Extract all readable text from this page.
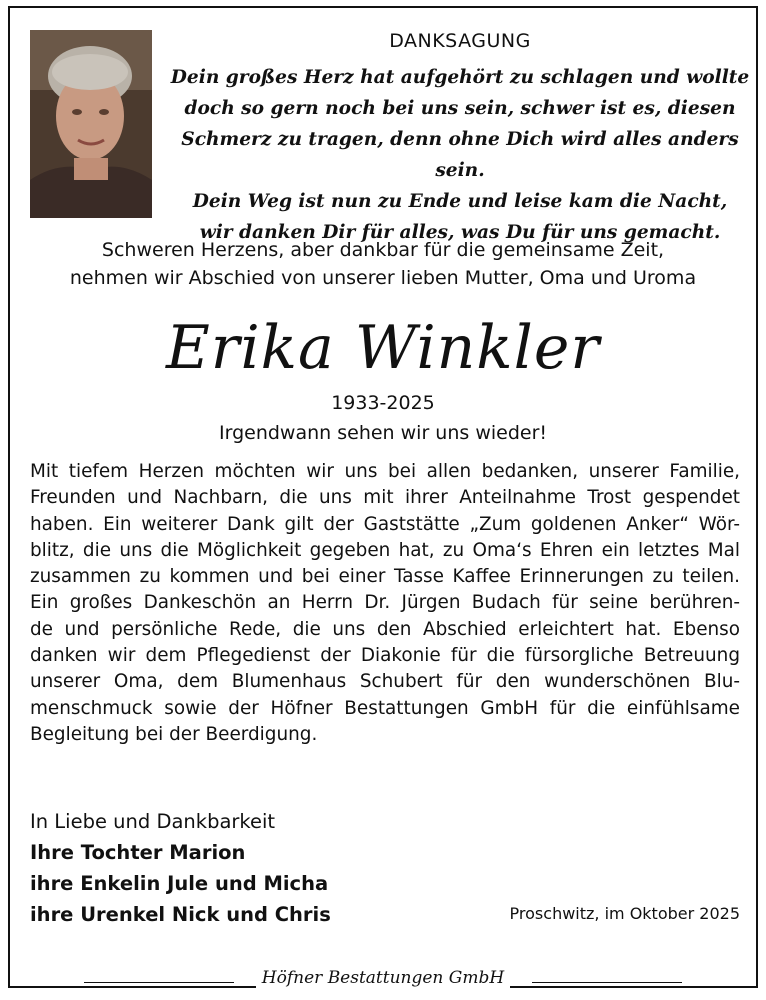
DANKSAGUNG
Dein großes Herz hat aufgehört zu schlagen und wollte
doch so gern noch bei uns sein, schwer ist es, diesen
Schmerz zu tragen, denn ohne Dich wird alles anders sein.
Dein Weg ist nun zu Ende und leise kam die Nacht,
wir danken Dir für alles, was Du für uns gemacht.
Schweren Herzens, aber dankbar für die gemeinsame Zeit,
nehmen wir Abschied von unserer lieben Mutter, Oma und Uroma
Erika Winkler
1933-2025
Irgendwann sehen wir uns wieder!

Mit tiefem Herzen möchten wir uns bei allen bedanken, unserer Familie,

Freunden und Nachbarn, die uns mit ihrer Anteilnahme Trost gespendet

haben. Ein weiterer Dank gilt der Gaststätte „Zum goldenen Anker“ Wör-

blitz, die uns die Möglichkeit gegeben hat, zu Oma‘s Ehren ein letztes Mal

zusammen zu kommen und bei einer Tasse Kaffee Erinnerungen zu teilen.

Ein großes Dankeschön an Herrn Dr. Jürgen Budach für seine berühren-

de und persönliche Rede, die uns den Abschied erleichtert hat. Ebenso

danken wir dem Pflegedienst der Diakonie für die fürsorgliche Betreuung

unserer Oma, dem Blumenhaus Schubert für den wunderschönen Blu-

menschmuck sowie der Höfner Bestattungen GmbH für die einfühlsame

Begleitung bei der Beerdigung.

In Liebe und Dankbarkeit
Ihre Tochter Marion
ihre Enkelin Jule und Micha
ihre Urenkel Nick und Chris	Proschwitz, im Oktober 2025
Höfner Bestattungen GmbH
